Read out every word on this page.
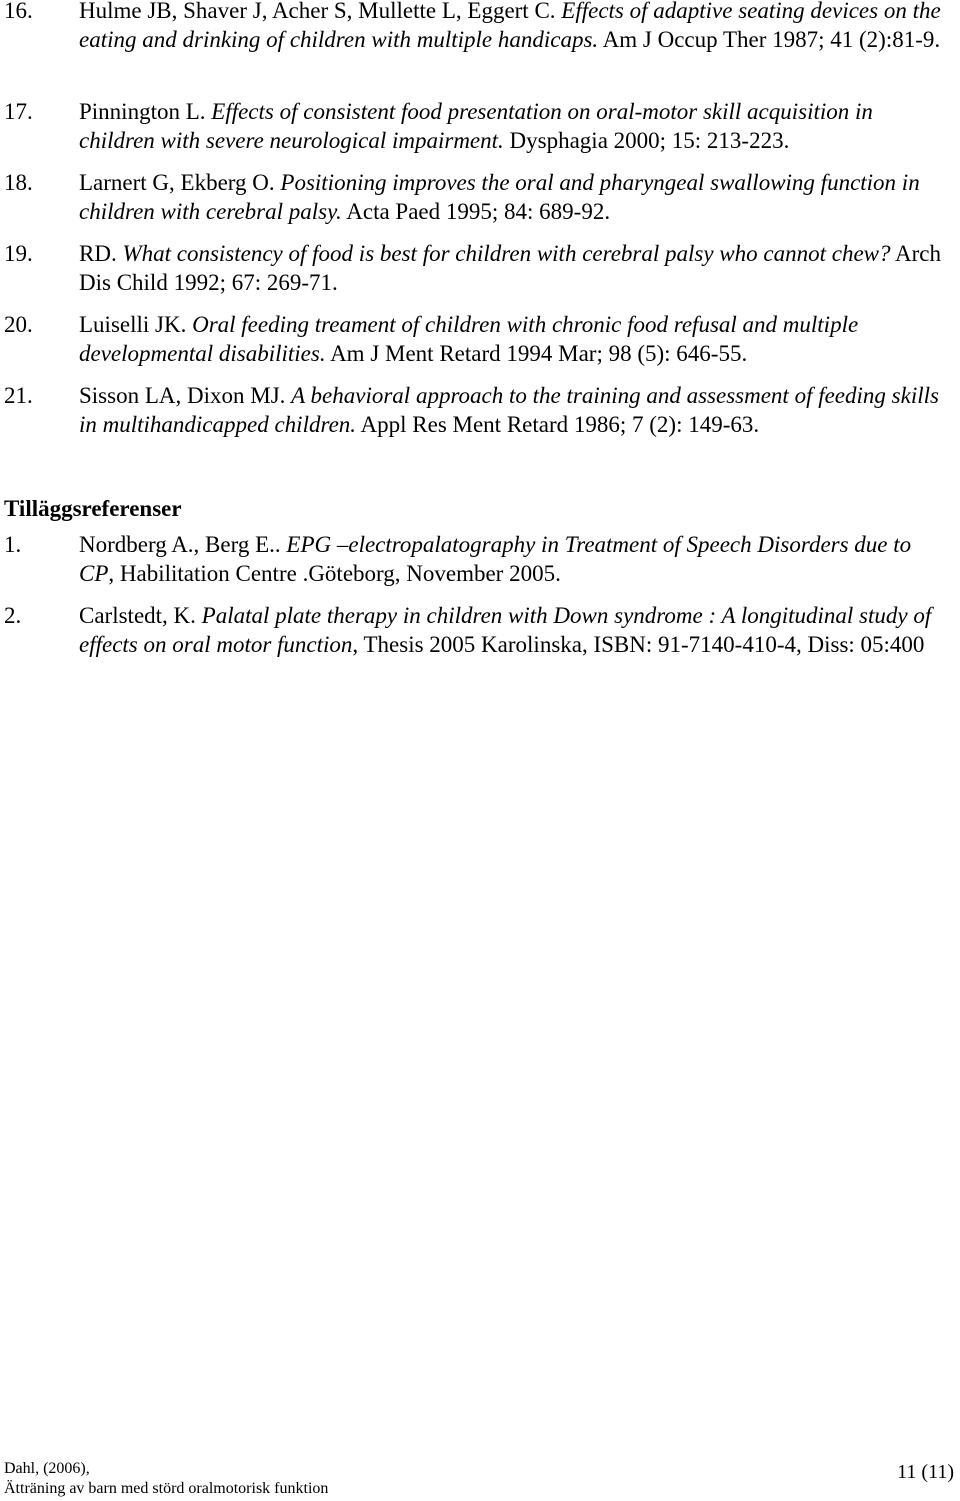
16. Hulme JB, Shaver J, Acher S, Mullette L, Eggert C. Effects of adaptive seating devices on the eating and drinking of children with multiple handicaps. Am J Occup Ther 1987; 41 (2):81-9.
17. Pinnington L. Effects of consistent food presentation on oral-motor skill acquisition in children with severe neurological impairment. Dysphagia 2000; 15: 213-223.
18. Larnert G, Ekberg O. Positioning improves the oral and pharyngeal swallowing function in children with cerebral palsy. Acta Paed 1995; 84: 689-92.
19. RD. What consistency of food is best for children with cerebral palsy who cannot chew? Arch Dis Child 1992; 67: 269-71.
20. Luiselli JK. Oral feeding treament of children with chronic food refusal and multiple developmental disabilities. Am J Ment Retard 1994 Mar; 98 (5): 646-55.
21. Sisson LA, Dixon MJ. A behavioral approach to the training and assessment of feeding skills in multihandicapped children. Appl Res Ment Retard 1986; 7 (2): 149-63.
Tilläggsreferenser
1.	Nordberg A., Berg E.. EPG –electropalatography in Treatment of Speech Disorders due to CP, Habilitation Centre .Göteborg, November 2005.
2.	Carlstedt, K. Palatal plate therapy in children with Down syndrome : A longitudinal study of effects on oral motor function, Thesis 2005 Karolinska, ISBN: 91-7140-410-4, Diss: 05:400
Dahl, (2006),
Ätträning av barn med störd oralmotorisk funktion
11 (11)
